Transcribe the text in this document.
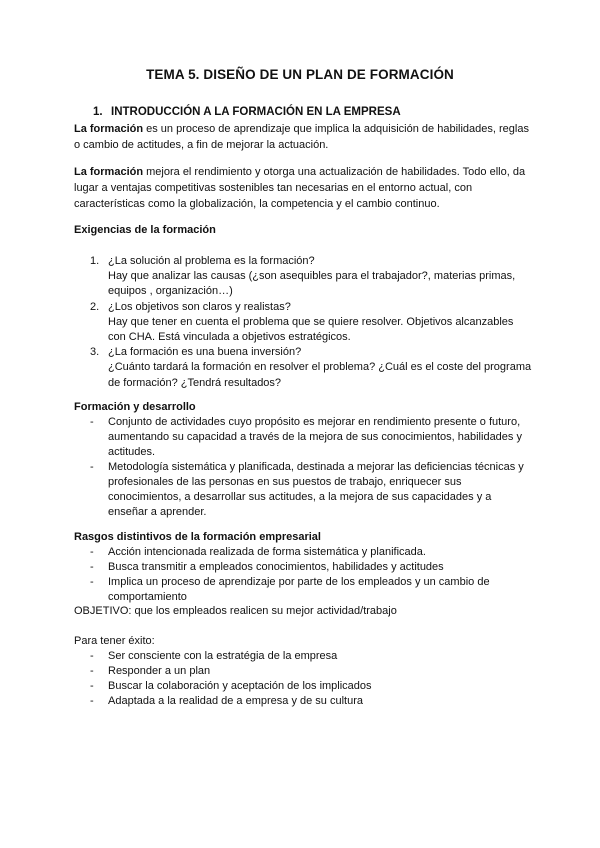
TEMA 5. DISEÑO DE UN PLAN DE FORMACIÓN
1. INTRODUCCIÓN A LA FORMACIÓN EN LA EMPRESA
La formación es un proceso de aprendizaje que implica la adquisición de habilidades, reglas o cambio de actitudes, a fin de mejorar la actuación.
La formación mejora el rendimiento y otorga una actualización de habilidades. Todo ello, da lugar a ventajas competitivas sostenibles tan necesarias en el entorno actual, con características como la globalización, la competencia y el cambio continuo.
Exigencias de la formación
1. ¿La solución al problema es la formación?
Hay que analizar las causas (¿son asequibles para el trabajador?, materias primas, equipos , organización…)
2. ¿Los objetivos son claros y realistas?
Hay que tener en cuenta el problema que se quiere resolver. Objetivos alcanzables con CHA. Está vinculada a objetivos estratégicos.
3. ¿La formación es una buena inversión?
¿Cuánto tardará la formación en resolver el problema? ¿Cuál es el coste del programa de formación? ¿Tendrá resultados?
Formación y desarrollo
- Conjunto de actividades cuyo propósito es mejorar en rendimiento presente o futuro, aumentando su capacidad a través de la mejora de sus conocimientos, habilidades y actitudes.
- Metodología sistemática y planificada, destinada a mejorar las deficiencias técnicas y profesionales de las personas en sus puestos de trabajo, enriquecer sus conocimientos, a desarrollar sus actitudes, a la mejora de sus capacidades y a enseñar a aprender.
Rasgos distintivos de la formación empresarial
- Acción intencionada realizada de forma sistemática y planificada.
- Busca transmitir a empleados conocimientos, habilidades y actitudes
- Implica un proceso de aprendizaje por parte de los empleados y un cambio de comportamiento
OBJETIVO: que los empleados realicen su mejor actividad/trabajo
Para tener éxito:
- Ser consciente con la estratégia de la empresa
- Responder a un plan
- Buscar la colaboración y aceptación de los implicados
- Adaptada a la realidad de a empresa y de su cultura
